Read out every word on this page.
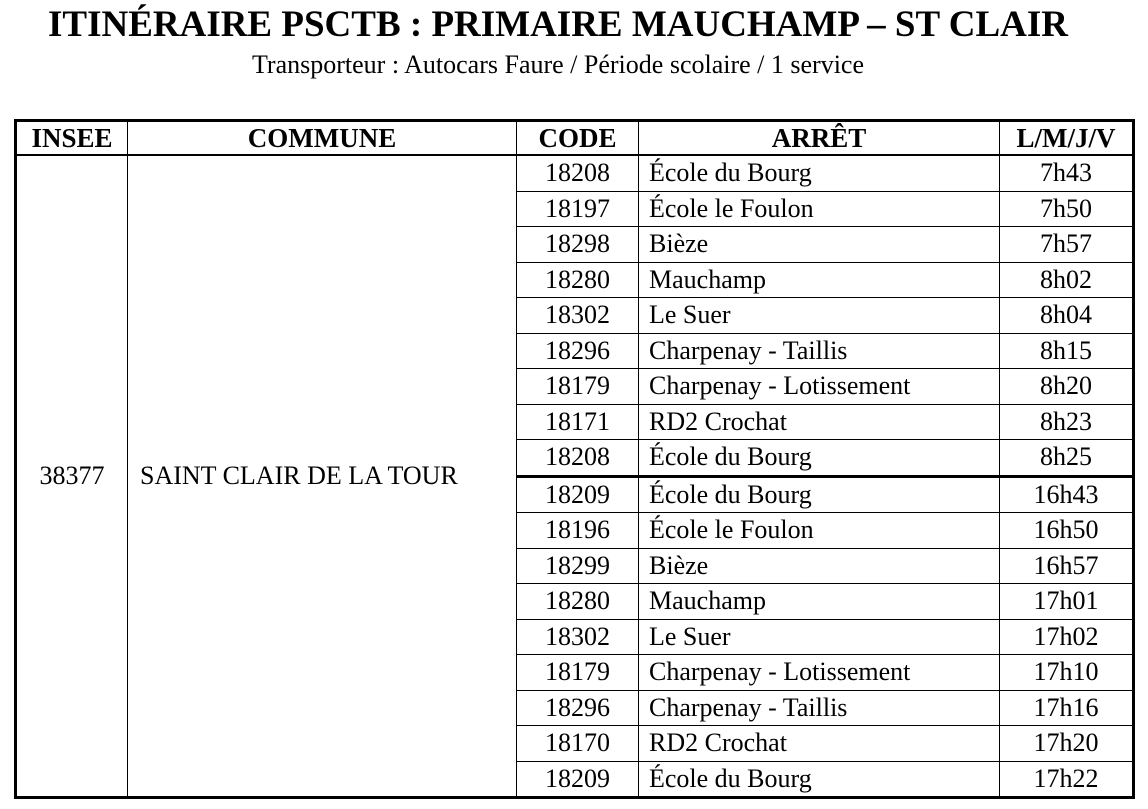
ITINÉRAIRE PSCTB : PRIMAIRE MAUCHAMP – ST CLAIR
Transporteur : Autocars Faure / Période scolaire / 1 service
INSEE	COMMUNE	CODE	ARRÊT	L/M/J/V
38377	SAINT CLAIR DE LA TOUR	18208	École du Bourg	7h43
		18197	École le Foulon	7h50
		18298	Bièze	7h57
		18280	Mauchamp	8h02
		18302	Le Suer	8h04
		18296	Charpenay - Taillis	8h15
		18179	Charpenay - Lotissement	8h20
		18171	RD2 Crochat	8h23
		18208	École du Bourg	8h25
		18209	École du Bourg	16h43
		18196	École le Foulon	16h50
		18299	Bièze	16h57
		18280	Mauchamp	17h01
		18302	Le Suer	17h02
		18179	Charpenay - Lotissement	17h10
		18296	Charpenay - Taillis	17h16
		18170	RD2 Crochat	17h20
		18209	École du Bourg	17h22
